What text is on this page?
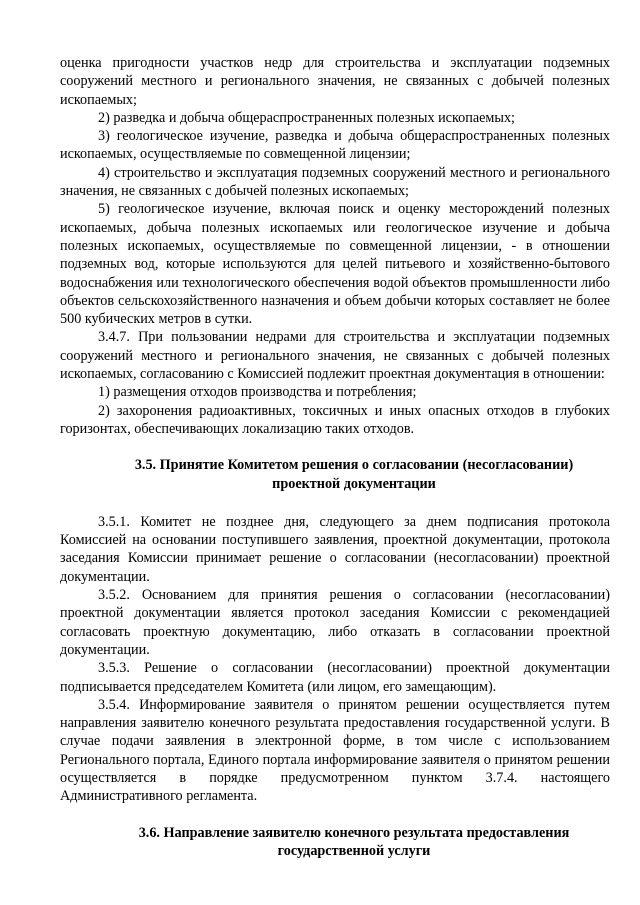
оценка пригодности участков недр для строительства и эксплуатации подземных сооружений местного и регионального значения, не связанных с добычей полезных ископаемых;

2) разведка и добыча общераспространенных полезных ископаемых;

3) геологическое изучение, разведка и добыча общераспространенных полезных ископаемых, осуществляемые по совмещенной лицензии;

4) строительство и эксплуатация подземных сооружений местного и регионального значения, не связанных с добычей полезных ископаемых;

5) геологическое изучение, включая поиск и оценку месторождений полезных ископаемых, добыча полезных ископаемых или геологическое изучение и добыча полезных ископаемых, осуществляемые по совмещенной лицензии, - в отношении подземных вод, которые используются для целей питьевого и хозяйственно-бытового водоснабжения или технологического обеспечения водой объектов промышленности либо объектов сельскохозяйственного назначения и объем добычи которых составляет не более 500 кубических метров в сутки.

3.4.7. При пользовании недрами для строительства и эксплуатации подземных сооружений местного и регионального значения, не связанных с добычей полезных ископаемых, согласованию с Комиссией подлежит проектная документация в отношении:

1) размещения отходов производства и потребления;

2) захоронения радиоактивных, токсичных и иных опасных отходов в глубоких горизонтах, обеспечивающих локализацию таких отходов.

3.5. Принятие Комитетом решения о согласовании (несогласовании)
проектной документации

3.5.1. Комитет не позднее дня, следующего за днем подписания протокола Комиссией на основании поступившего заявления, проектной документации, протокола заседания Комиссии принимает решение о согласовании (несогласовании) проектной документации.

3.5.2. Основанием для принятия решения о согласовании (несогласовании) проектной документации является протокол заседания Комиссии с рекомендацией согласовать проектную документацию, либо отказать в согласовании проектной документации.

3.5.3. Решение о согласовании (несогласовании) проектной документации подписывается председателем Комитета (или лицом, его замещающим).

3.5.4. Информирование заявителя о принятом решении осуществляется путем направления заявителю конечного результата предоставления государственной услуги. В случае подачи заявления в электронной форме, в том числе с использованием Регионального портала, Единого портала информирование заявителя о принятом решении осуществляется в порядке предусмотренном пунктом 3.7.4. настоящего Административного регламента.

3.6. Направление заявителю конечного результата предоставления
государственной услуги
